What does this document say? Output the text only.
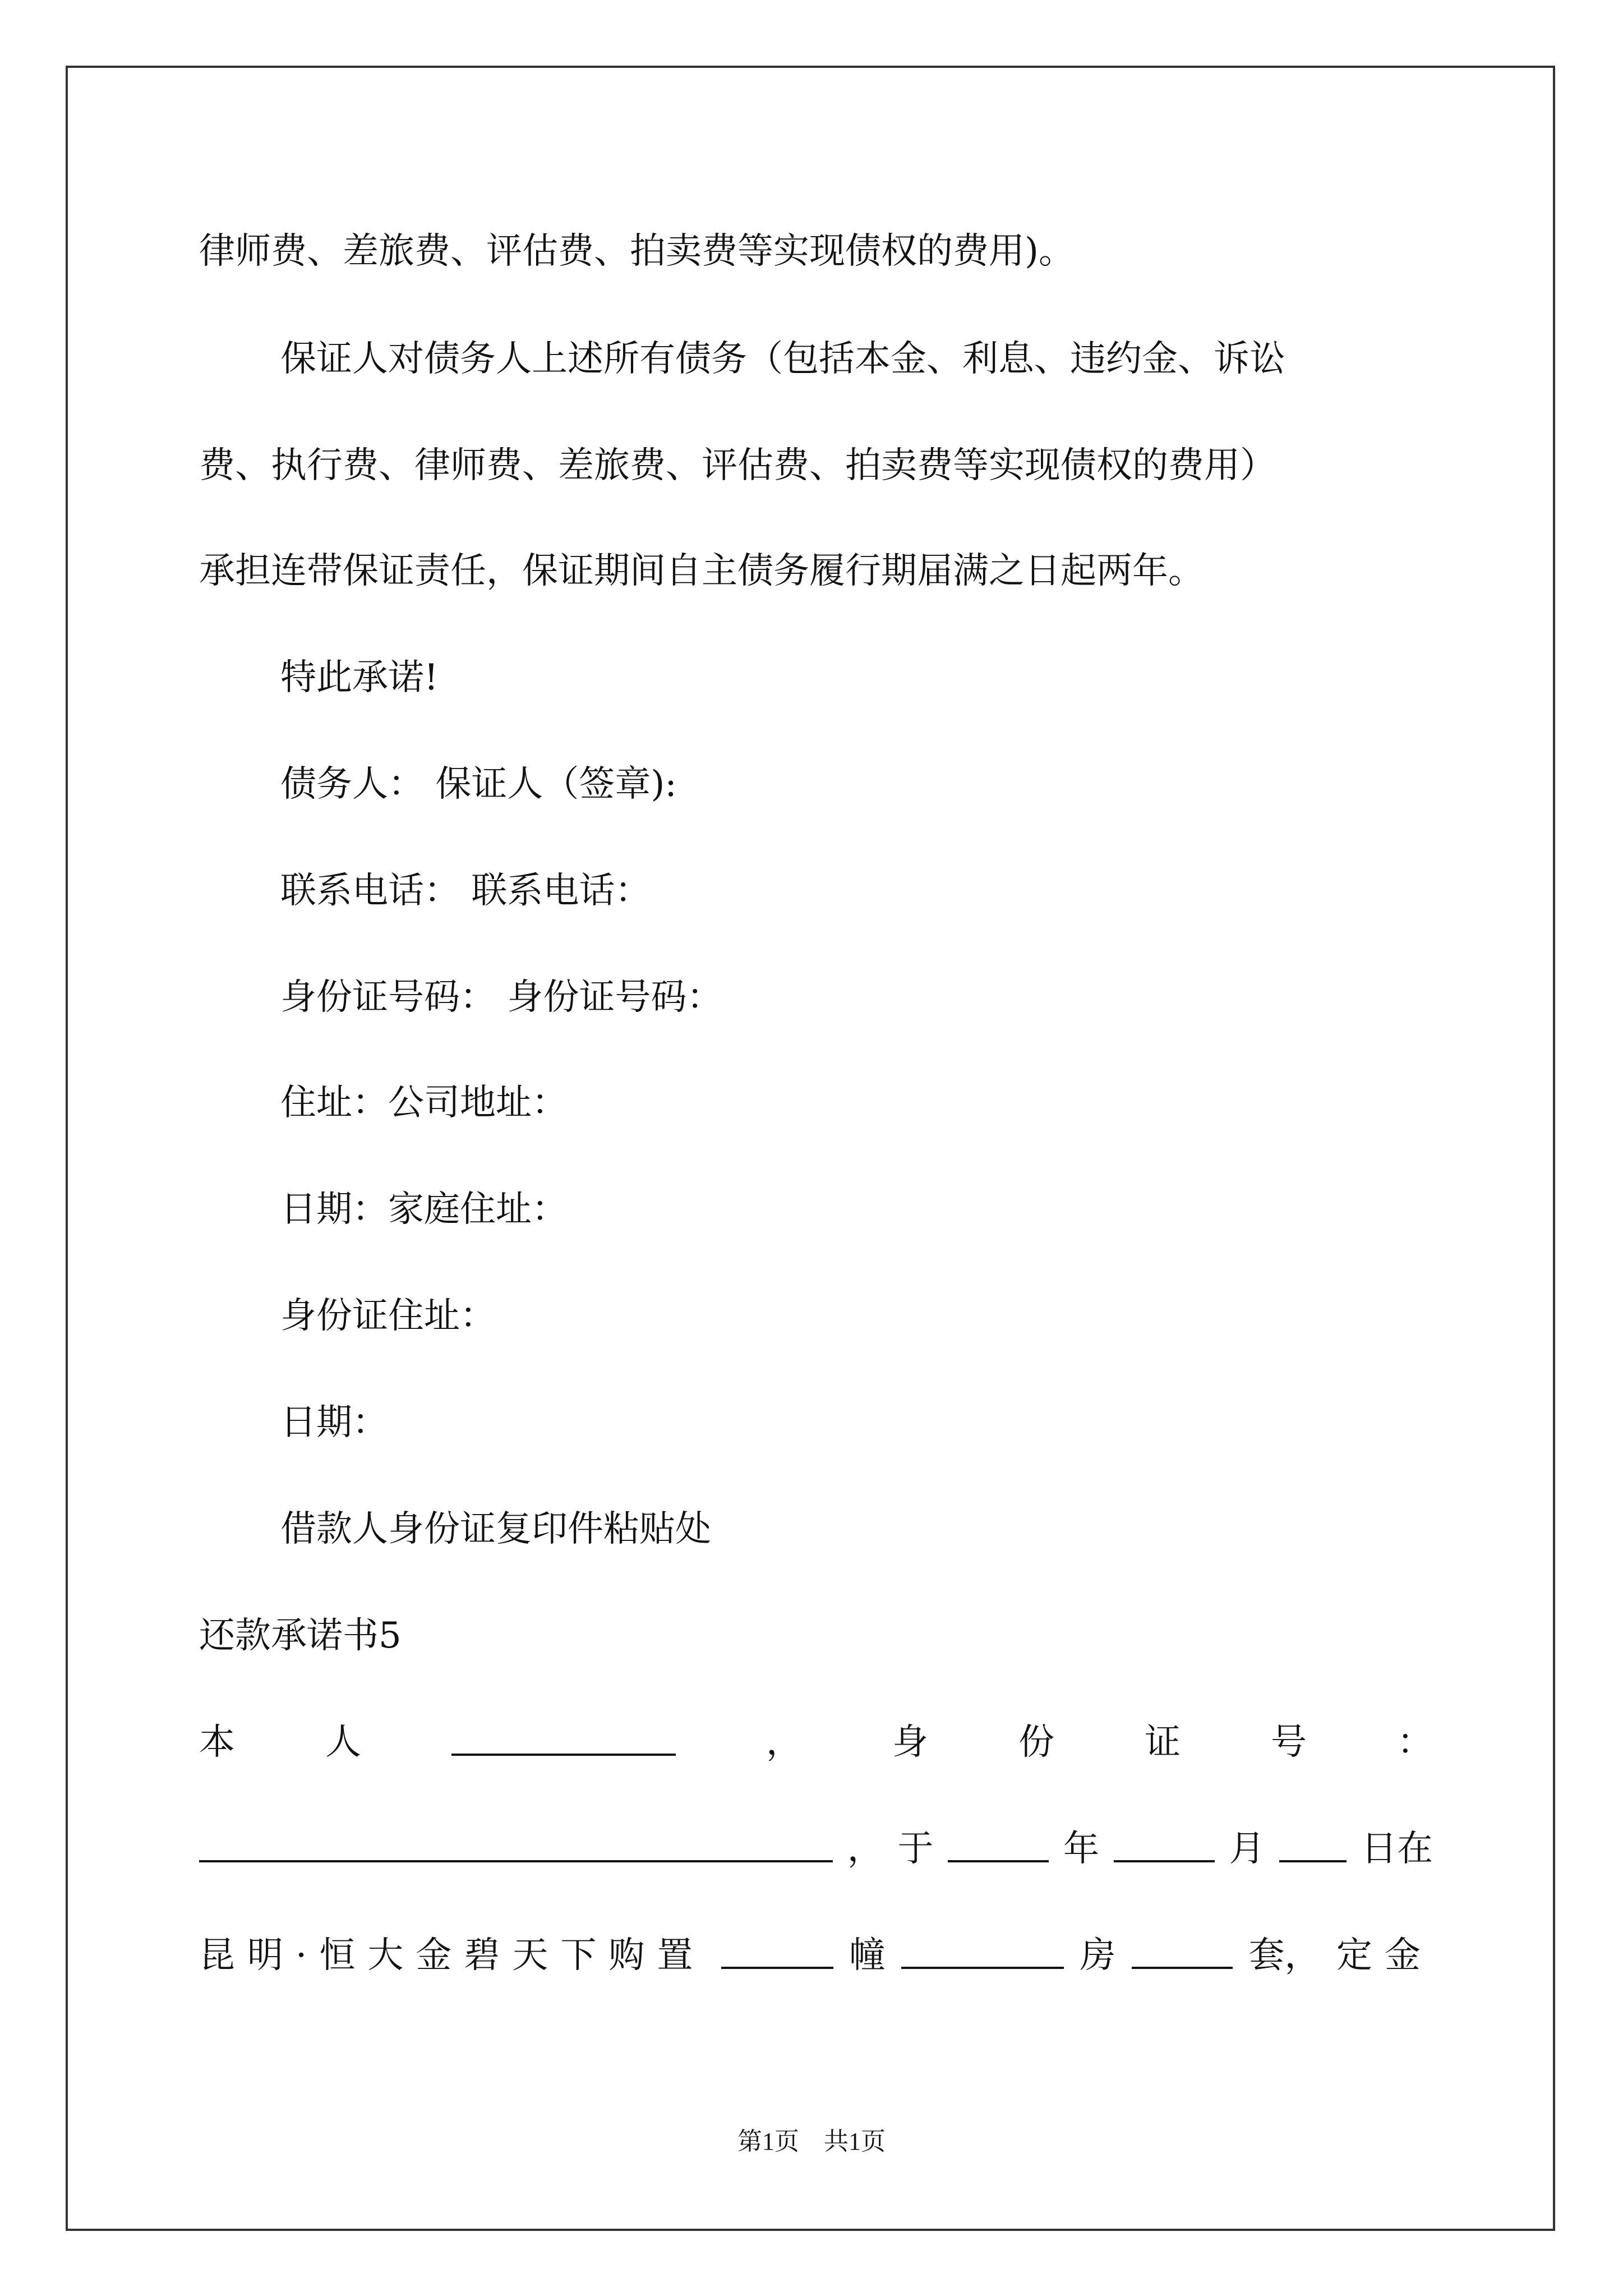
律师费、差旅费、评估费、拍卖费等实现债权的费用)。

保证人对债务人上述所有债务（包括本金、利息、违约金、诉讼

费、执行费、律师费、差旅费、评估费、拍卖费等实现债权的费用）

承担连带保证责任，保证期间自主债务履行期届满之日起两年。

特此承诺!

债务人： 保证人（签章):

联系电话： 联系电话：

身份证号码： 身份证号码：

住址：公司地址：

日期：家庭住址：

身份证住址：

日期：

借款人身份证复印件粘贴处

还款承诺书5

本	人	，	身	份	证	号	：
， 于	年	月	日在
昆明·恒大金碧天下购置	幢	房	套， 定金
第1页　共1页
